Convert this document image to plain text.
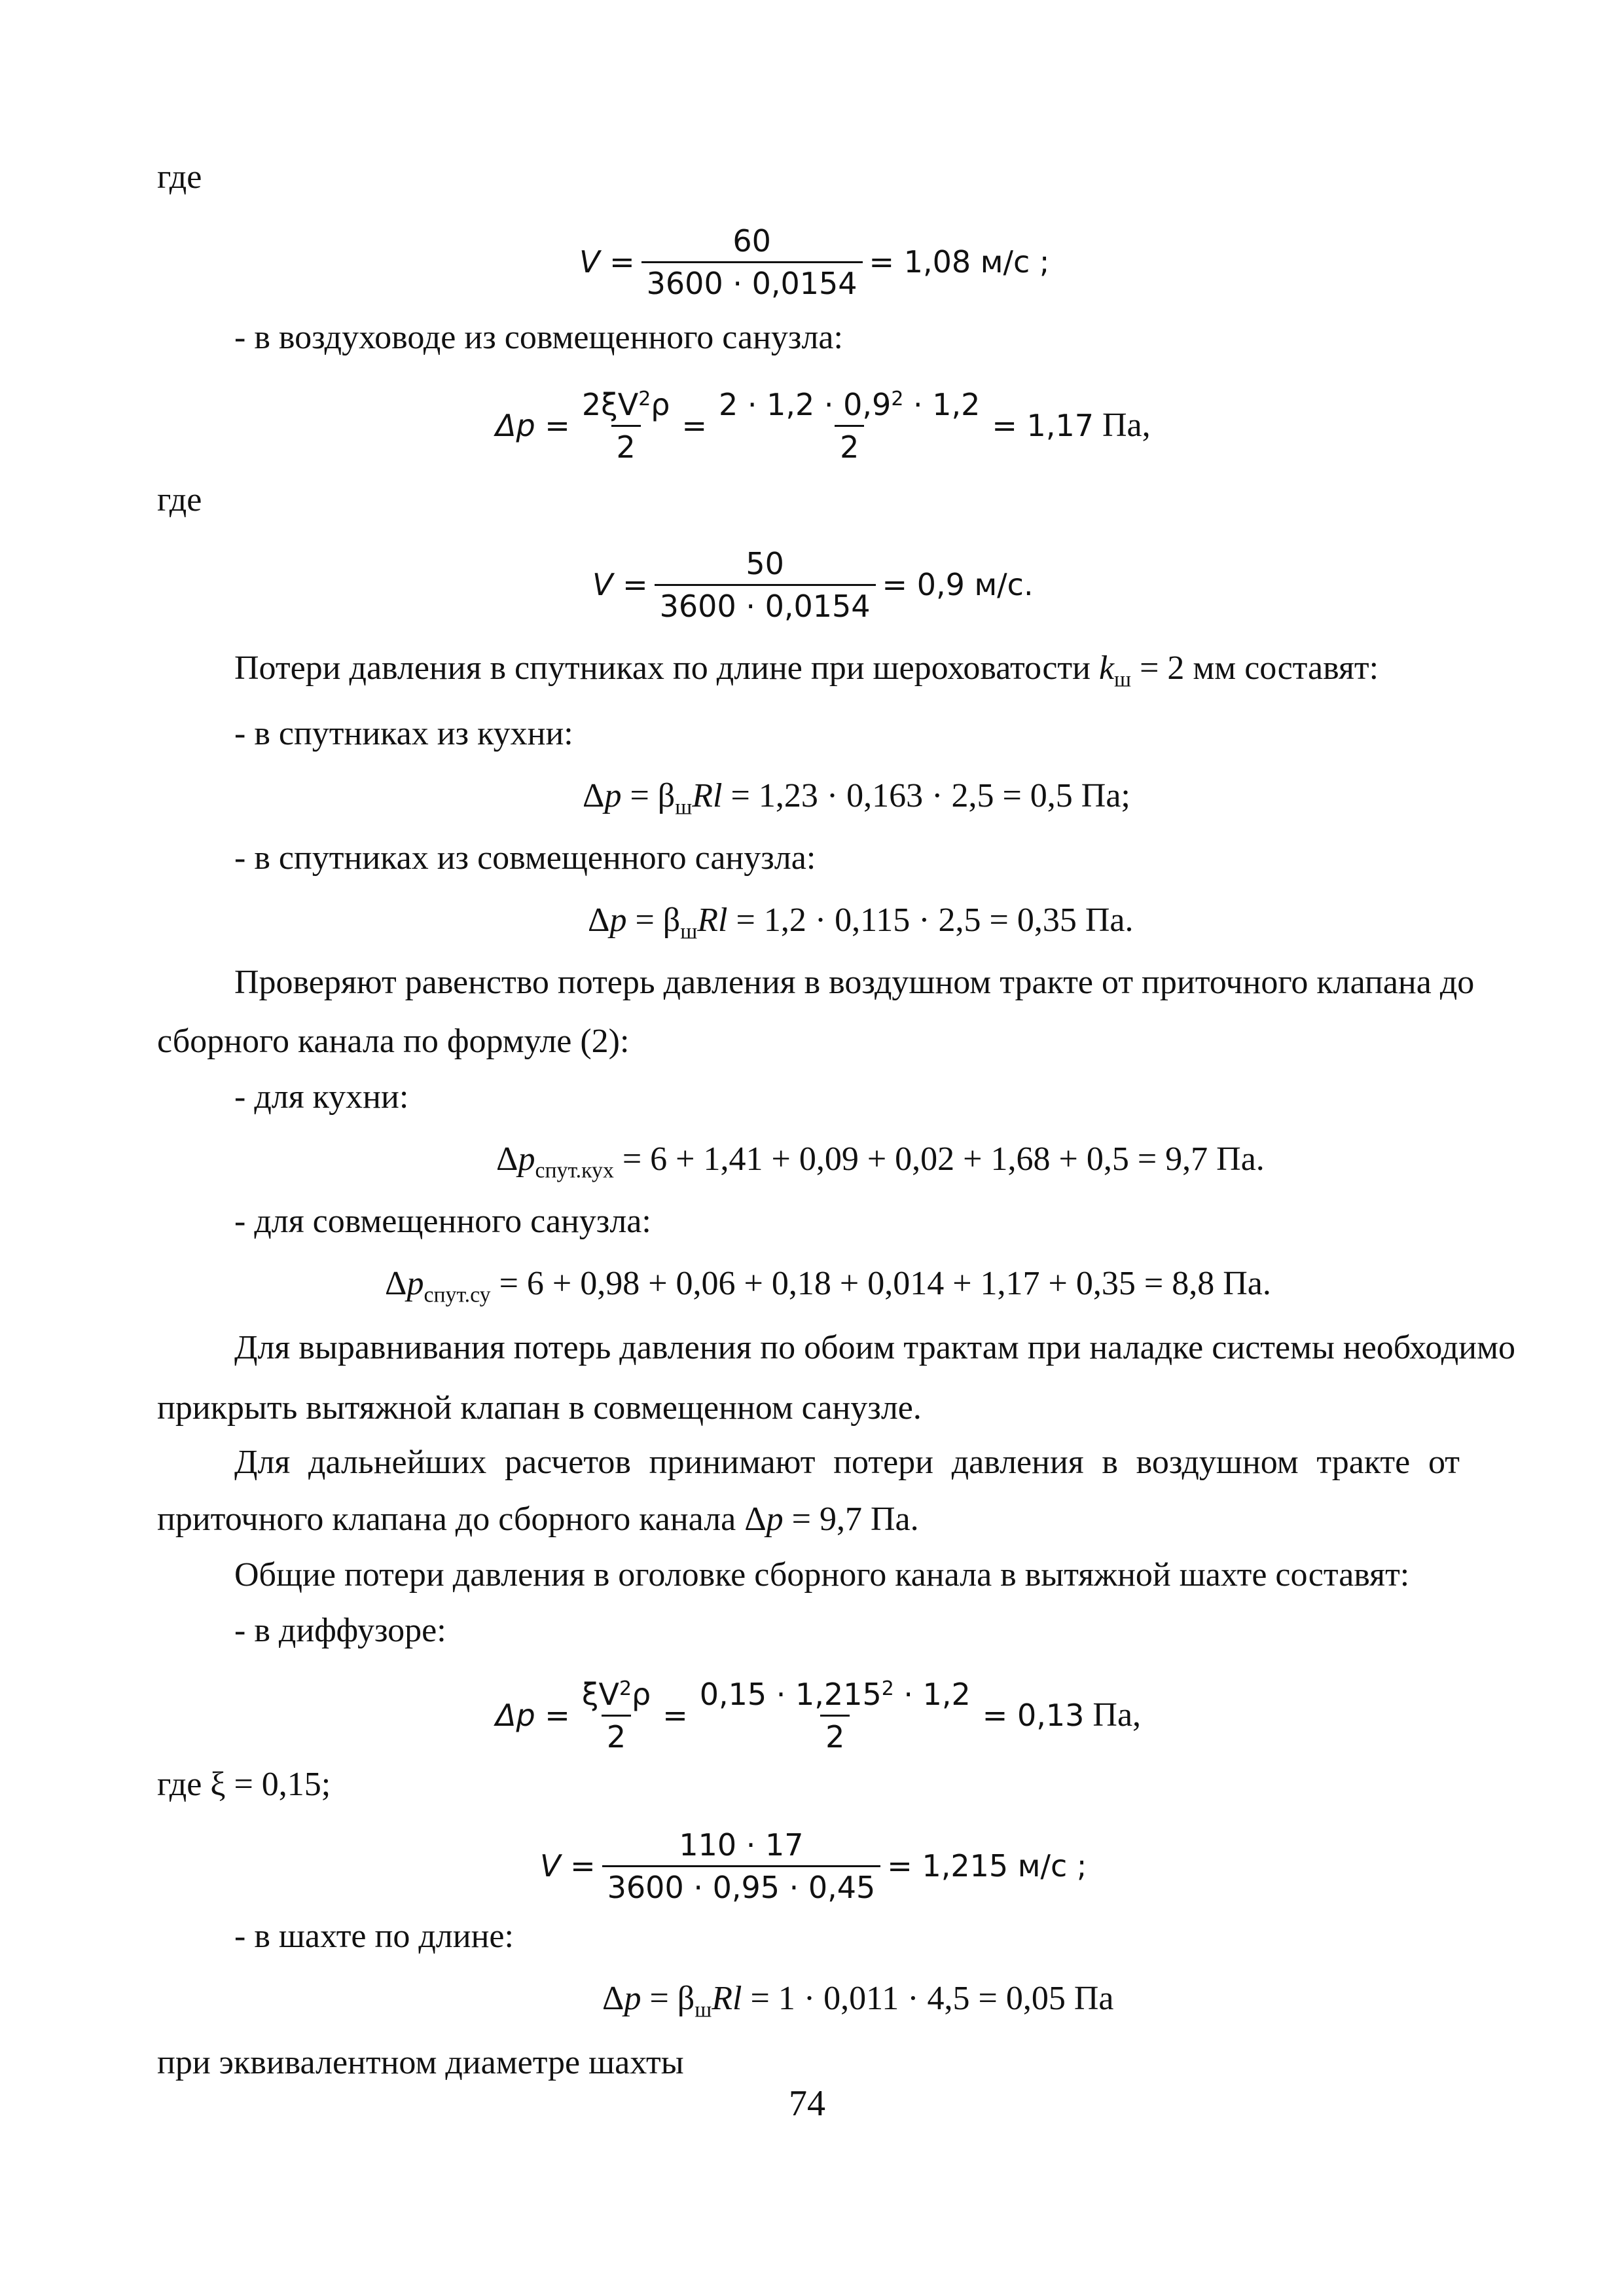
где
$V = \frac{60}{3600 \cdot 0,0154} = 1,08$ м/с ;
- в воздуховоде из совмещенного санузла:
$\Delta p = \frac{2\xi V^2\rho}{2} = \frac{2 \cdot 1,2 \cdot 0,9^2 \cdot 1,2}{2} = 1,17$ Па,
где
$V = \frac{50}{3600 \cdot 0,0154} = 0,9$ м/с.
Потери давления в спутниках по длине при шероховатости $k_ш = 2$ мм составят:
- в спутниках из кухни:
$\Delta p = \beta_шRl = 1,23 \cdot 0,163 \cdot 2,5 = 0,5$ Па;
- в спутниках из совмещенного санузла:
$\Delta p = \beta_шRl = 1,2 \cdot 0,115 \cdot 2,5 = 0,35$ Па.
Проверяют равенство потерь давления в воздушном тракте от приточного клапана до
сборного канала по формуле (2):
- для кухни:
$\Delta p_{спут.кух} = 6 + 1,41 + 0,09 + 0,02 + 1,68 + 0,5 = 9,7$ Па.
- для совмещенного санузла:
$\Delta p_{спут.су} = 6 + 0,98 + 0,06 + 0,18 + 0,014 + 1,17 + 0,35 = 8,8$ Па.
Для выравнивания потерь давления по обоим трактам при наладке системы необходимо
прикрыть вытяжной клапан в совмещенном санузле.
Для дальнейших расчетов принимают потери давления в воздушном тракте от
приточного клапана до сборного канала Δp = 9,7 Па.
Общие потери давления в оголовке сборного канала в вытяжной шахте составят:
- в диффузоре:
$\Delta p = \frac{\xi V^2\rho}{2} = \frac{0,15 \cdot 1,215^2 \cdot 1,2}{2} = 0,13$ Па,
где ξ = 0,15;
$V = \frac{110 \cdot 17}{3600 \cdot 0,95 \cdot 0,45} = 1,215$ м/с ;
- в шахте по длине:
$\Delta p = \beta_шRl = 1 \cdot 0,011 \cdot 4,5 = 0,05$ Па
при эквивалентном диаметре шахты
74
